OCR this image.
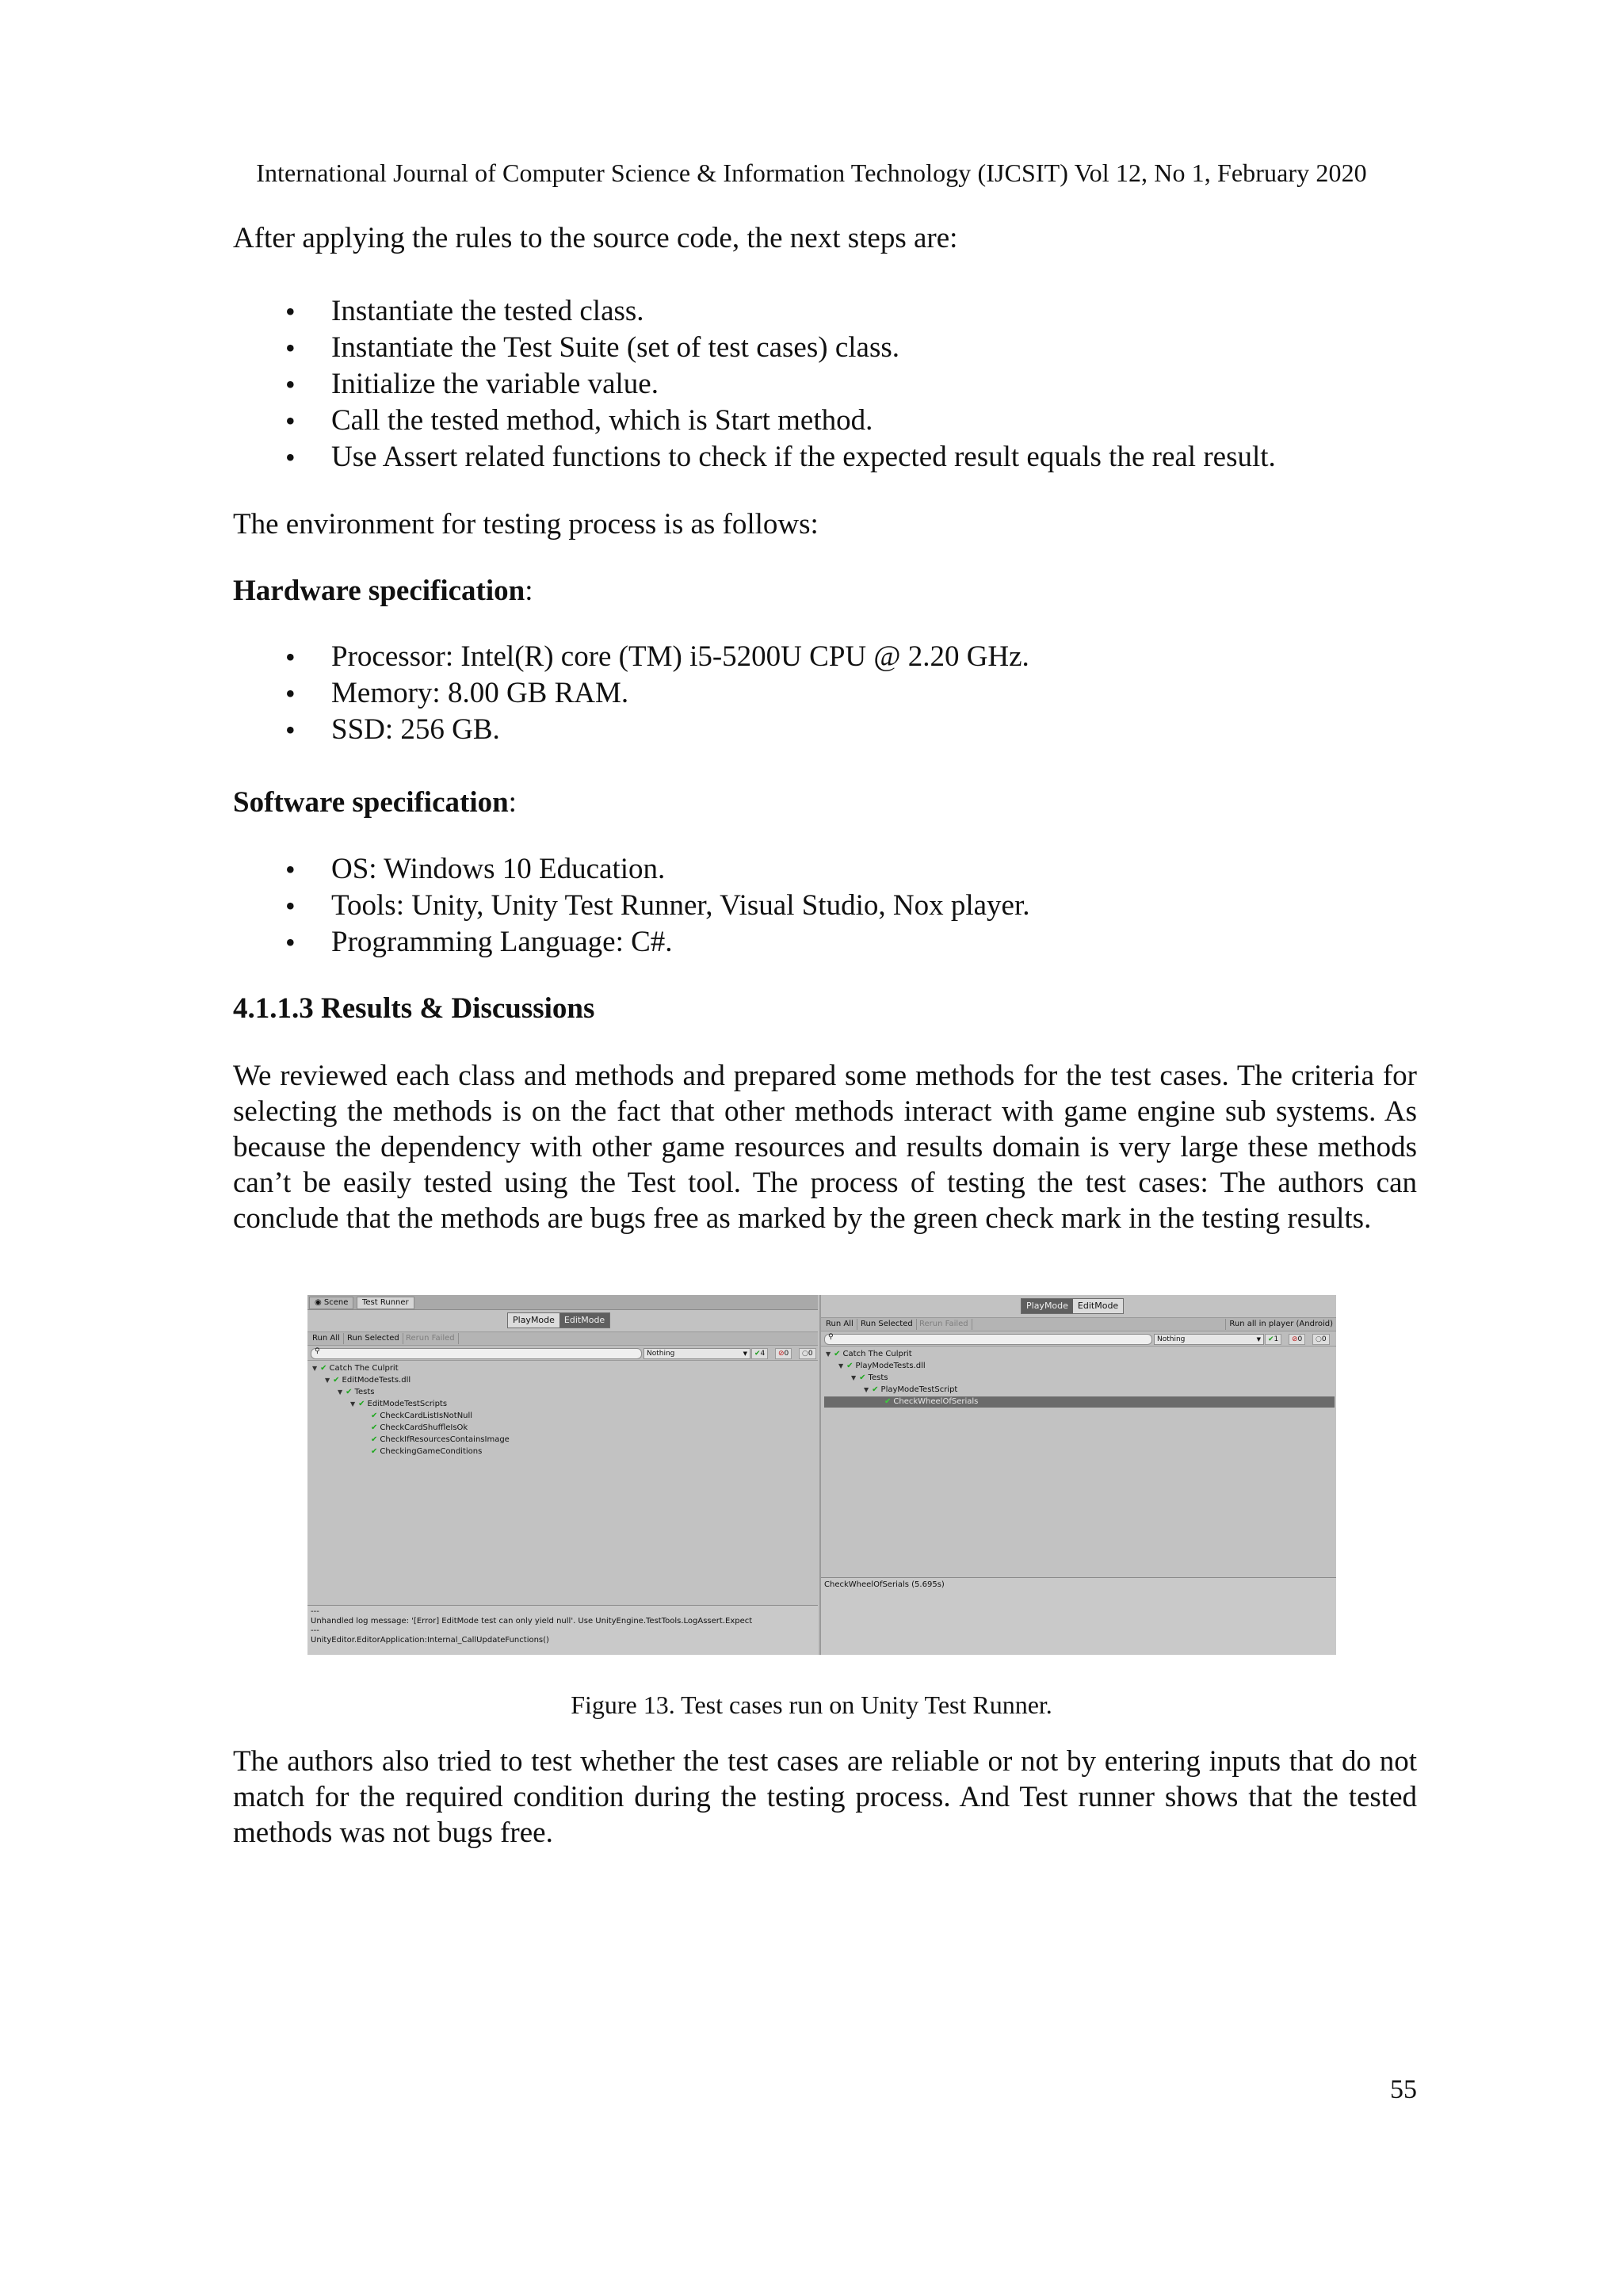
International Journal of Computer Science & Information Technology (IJCSIT) Vol 12, No 1, February 2020

After applying the rules to the source code, the next steps are:

• Instantiate the tested class.
• Instantiate the Test Suite (set of test cases) class.
• Initialize the variable value.
• Call the tested method, which is Start method.
• Use Assert related functions to check if the expected result equals the real result.

The environment for testing process is as follows:

Hardware specification:

• Processor: Intel(R) core (TM) i5-5200U CPU @ 2.20 GHz.
• Memory: 8.00 GB RAM.
• SSD: 256 GB.

Software specification:

• OS: Windows 10 Education.
• Tools: Unity, Unity Test Runner, Visual Studio, Nox player.
• Programming Language: C#.

4.1.1.3 Results & Discussions

We reviewed each class and methods and prepared some methods for the test cases. The criteria for selecting the methods is on the fact that other methods interact with game engine sub systems. As because the dependency with other game resources and results domain is very large these methods can’t be easily tested using the Test tool. The process of testing the test cases: The authors can conclude that the methods are bugs free as marked by the green check mark in the testing results.

◉ Scene	Test Runner
PlayMode	EditMode
Run All Run Selected Rerun Failed
⚲	Nothing	▼	✔4	⊘0	○0
▼ ✔ Catch The Culprit
▼ ✔ EditModeTests.dll
▼ ✔ Tests
▼ ✔ EditModeTestScripts
✔ CheckCardListIsNotNull
✔ CheckCardShuffleIsOk
✔ CheckIfResourcesContainsImage
✔ CheckingGameConditions
---
Unhandled log message: '[Error] EditMode test can only yield null'. Use UnityEngine.TestTools.LogAssert.Expect
---
UnityEditor.EditorApplication:Internal_CallUpdateFunctions()
PlayMode	EditMode
Run All Run Selected Rerun Failed	Run all in player (Android)
⚲	Nothing	▼	✔1	⊘0	○0
▼ ✔ Catch The Culprit
▼ ✔ PlayModeTests.dll
▼ ✔ Tests
▼ ✔ PlayModeTestScript
✔ CheckWheelOfSerials
CheckWheelOfSerials (5.695s)
Figure 13. Test cases run on Unity Test Runner.

The authors also tried to test whether the test cases are reliable or not by entering inputs that do not match for the required condition during the testing process. And Test runner shows that the tested methods was not bugs free.

55
